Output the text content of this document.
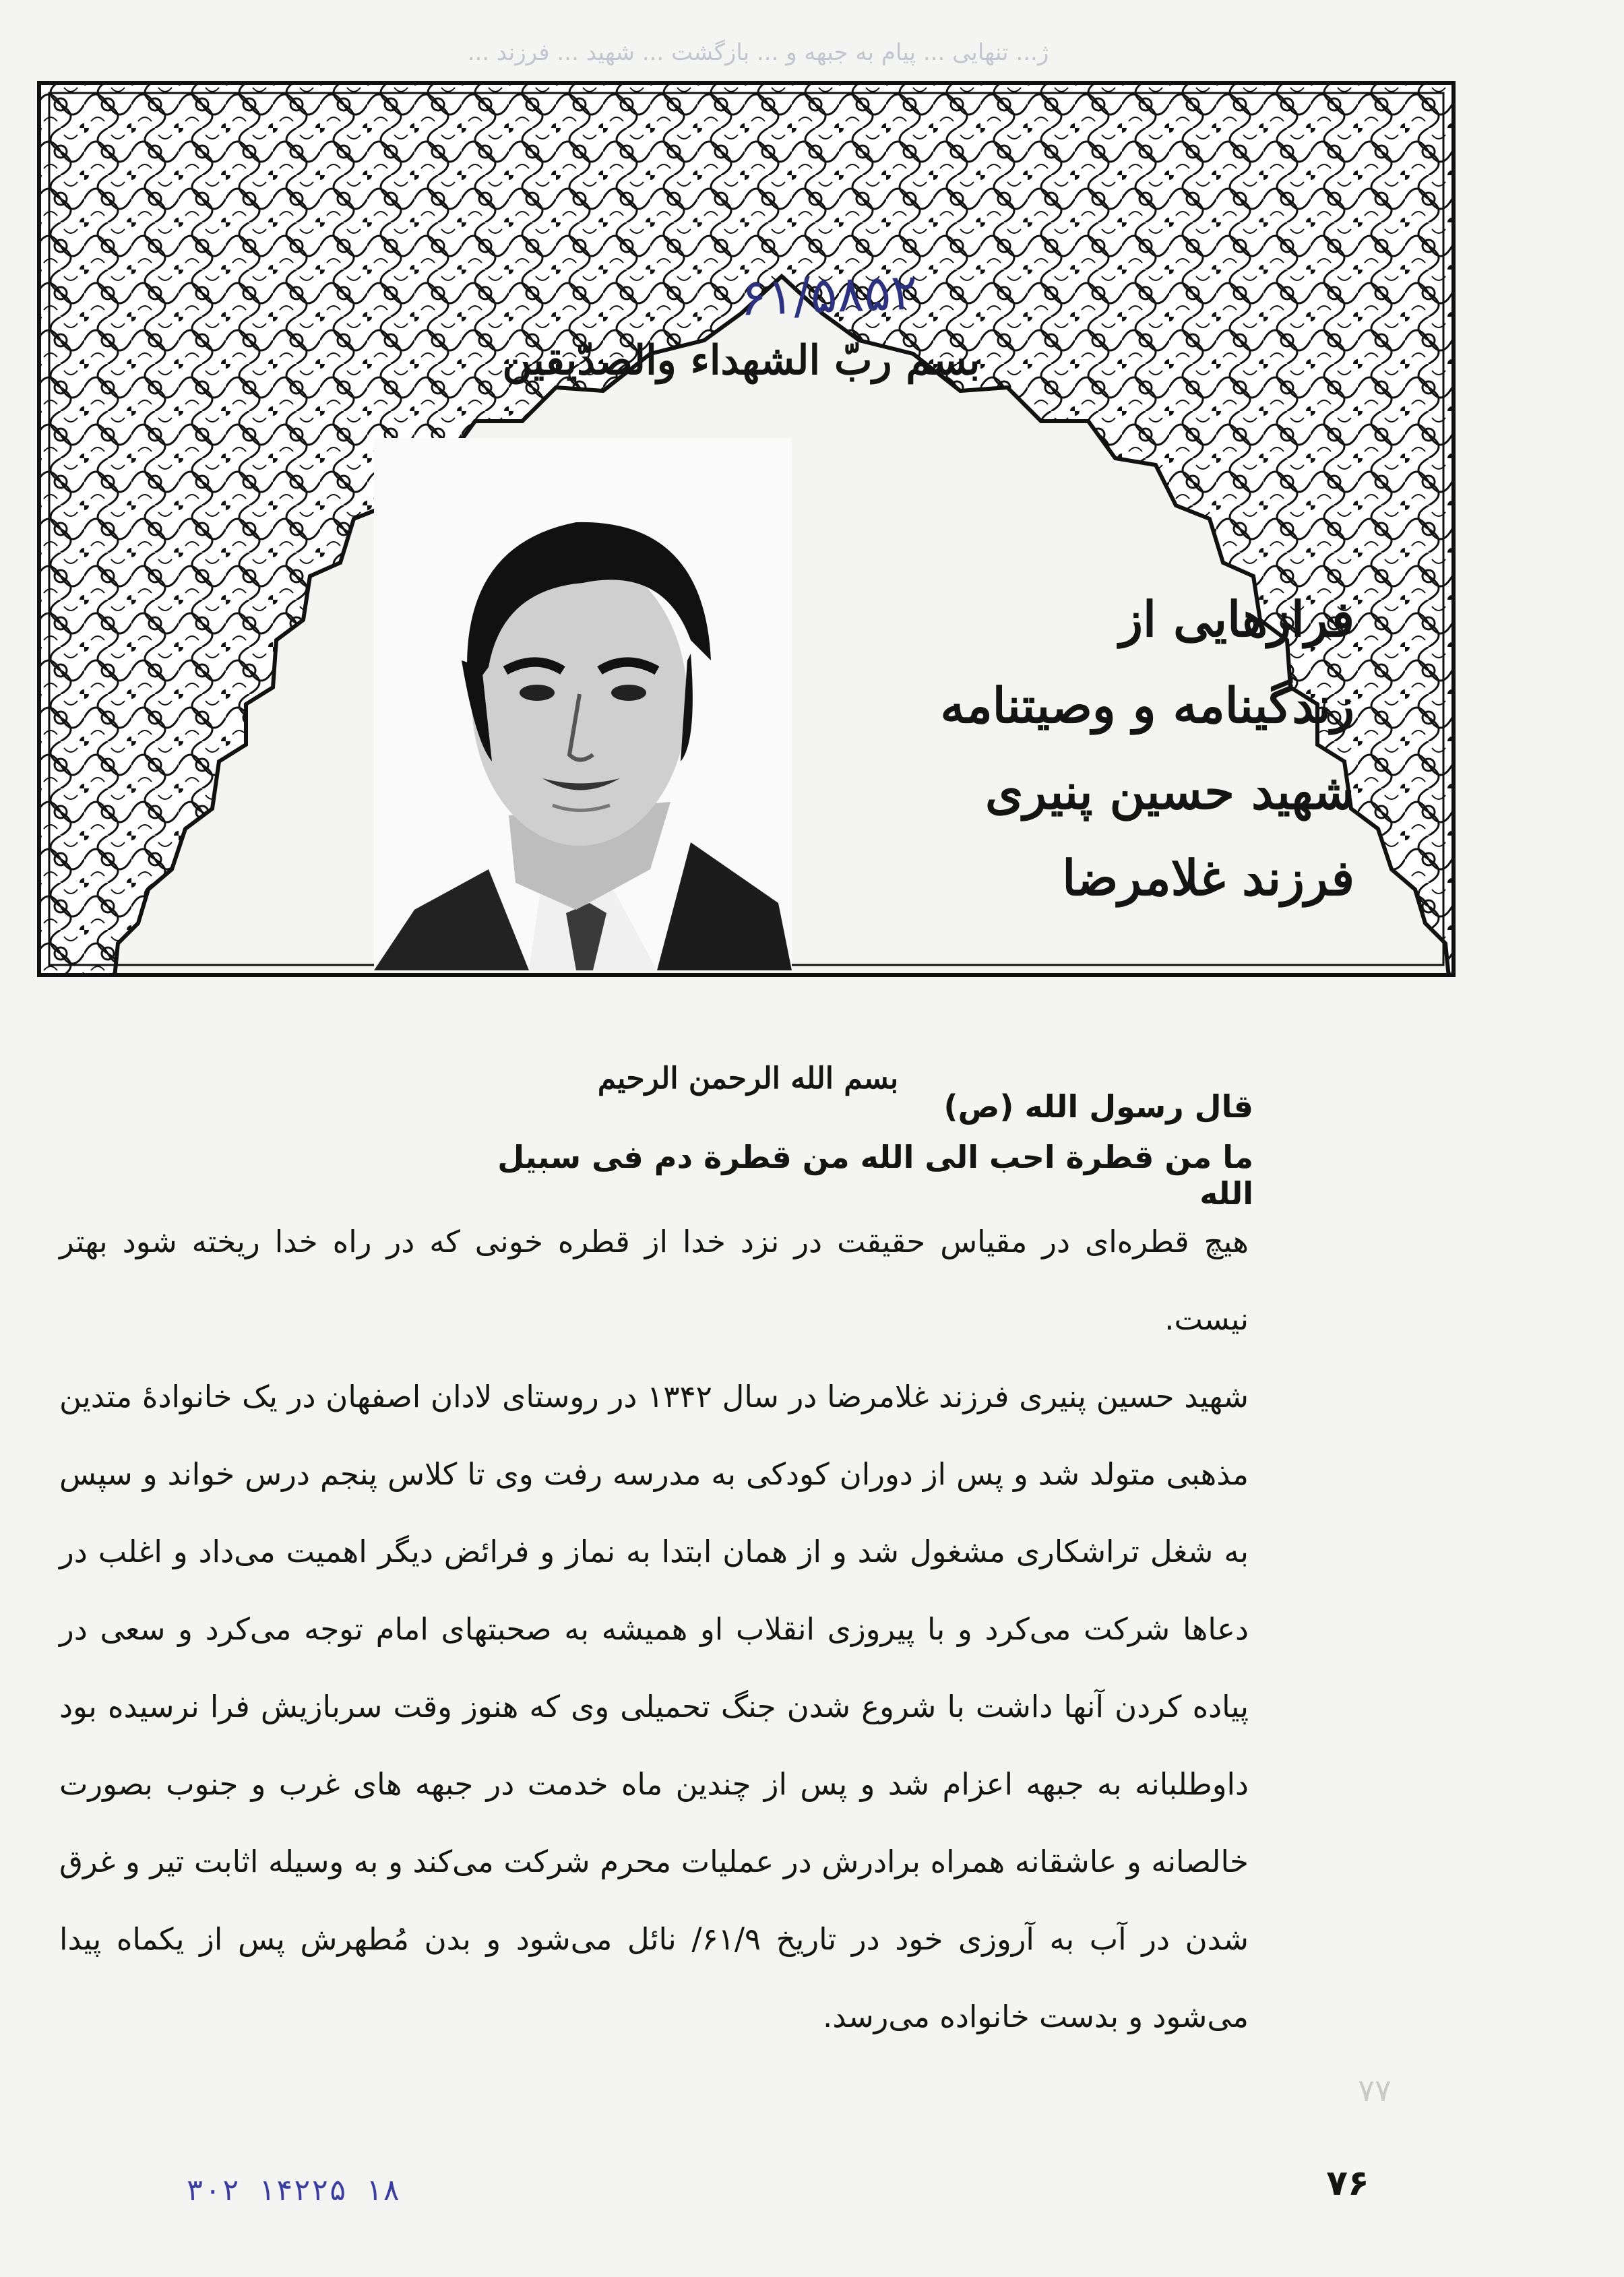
ژ... تنهایی ... پیام به جبهه و ... بازگشت ... شهید ... فرزند ...
۶۱/۵۸۵۲
بسم ربّ الشهداء والصدّيقين
فرازهایی از
زندگینامه و وصیتنامه
شهید حسین پنیری
فرزند غلامرضا
بسم الله الرحمن الرحيم
قال رسول الله (ص)
ما من قطرة احب الى الله من قطرة دم فى سبيل الله

هیچ قطره‌ای در مقیاس حقیقت در نزد خدا از قطره خونی که در راه خدا ریخته شود بهتر نیست.

شهید حسین پنیری فرزند غلامرضا در سال ۱۳۴۲ در روستای لادان اصفهان در یک خانوادهٔ متدین مذهبی متولد شد و پس از دوران کودکی به مدرسه رفت وی تا کلاس پنجم درس خواند و سپس به شغل تراشکاری مشغول شد و از همان ابتدا به نماز و فرائض دیگر اهمیت می‌داد و اغلب در دعاها شرکت می‌کرد و با پیروزی انقلاب او همیشه به صحبتهای امام توجه می‌کرد و سعی در پیاده کردن آنها داشت با شروع شدن جنگ تحمیلی وی که هنوز وقت سربازیش فرا نرسیده بود داوطلبانه به جبهه اعزام شد و پس از چندین ماه خدمت در جبهه های غرب و جنوب بصورت خالصانه و عاشقانه همراه برادرش در عملیات محرم شرکت می‌کند و به وسیله اثابت تیر و غرق شدن در آب به آروزی خود در تاریخ ۶۱/۹/ نائل می‌شود و بدن مُطهرش پس از یکماه پیدا می‌شود و بدست خانواده می‌رسد.

۷۷
۷۶
۱۸ ۱۴۲۲۵ ۳۰۲
